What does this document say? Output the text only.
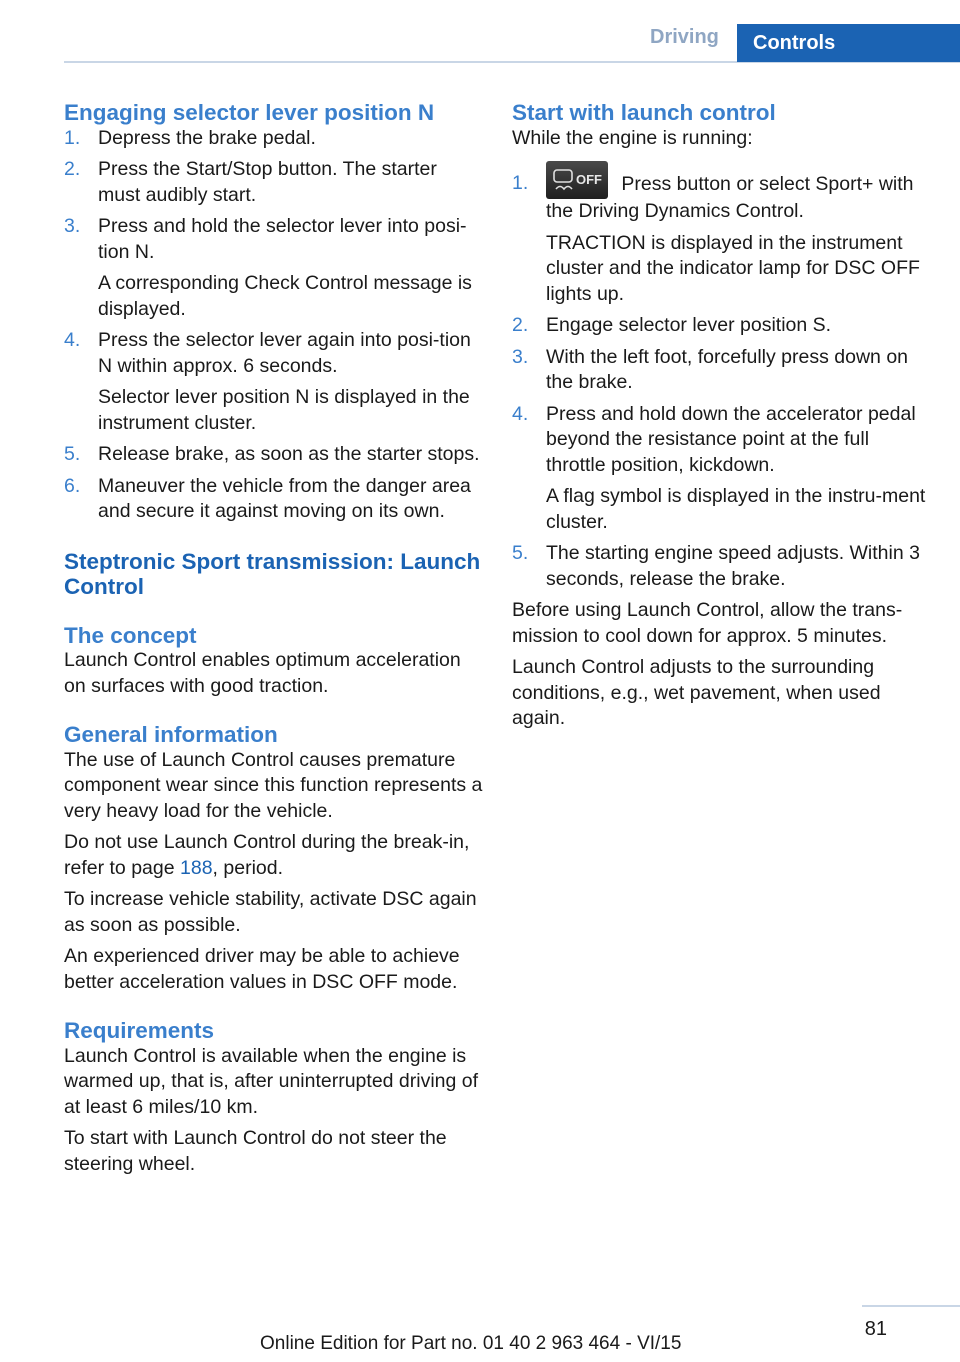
Driving Controls
Engaging selector lever position N
1. Depress the brake pedal.

2. Press the Start/Stop button. The starter must audibly start.

3. Press and hold the selector lever into posi‐tion N.

A corresponding Check Control message is displayed.

4. Press the selector lever again into posi‐tion N within approx. 6 seconds.

Selector lever position N is displayed in the instrument cluster.

5. Release brake, as soon as the starter stops.

6. Maneuver the vehicle from the danger area and secure it against moving on its own.

Steptronic Sport transmission: Launch Control
The concept

Launch Control enables optimum acceleration on surfaces with good traction.

General information

The use of Launch Control causes premature component wear since this function represents a very heavy load for the vehicle.

Do not use Launch Control during the break-in, refer to page 188, period.

To increase vehicle stability, activate DSC again as soon as possible.

An experienced driver may be able to achieve better acceleration values in DSC OFF mode.

Requirements

Launch Control is available when the engine is warmed up, that is, after uninterrupted driving of at least 6 miles/10 km.

To start with Launch Control do not steer the steering wheel.

Start with launch control

While the engine is running:

1.	OFF Press button or select Sport+ with the Driving Dynamics Control.

TRACTION is displayed in the instrument cluster and the indicator lamp for DSC OFF lights up.

2. Engage selector lever position S.

3. With the left foot, forcefully press down on the brake.

4. Press and hold down the accelerator pedal beyond the resistance point at the full throttle position, kickdown.

A flag symbol is displayed in the instru‐ment cluster.

5. The starting engine speed adjusts. Within 3 seconds, release the brake.

Before using Launch Control, allow the trans‐mission to cool down for approx. 5 minutes.

Launch Control adjusts to the surrounding conditions, e.g., wet pavement, when used again.

81
Online Edition for Part no. 01 40 2 963 464 - VI/15
